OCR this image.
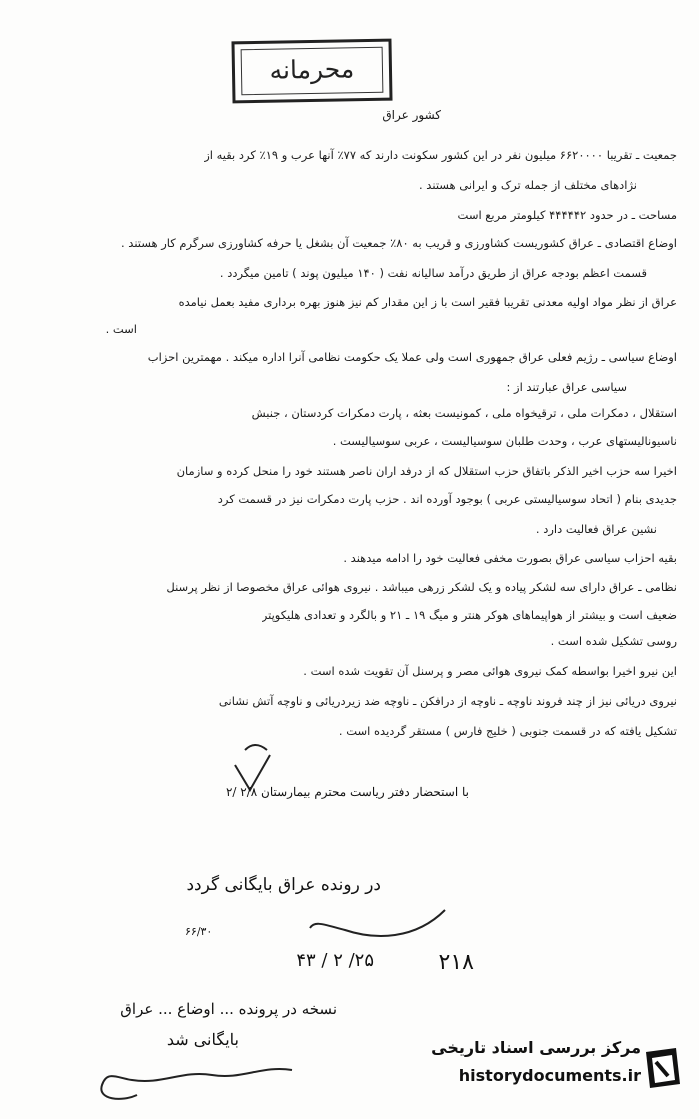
محرمانه
کشور عراق
جمعیت ـ تقریبا ۶۶۲۰۰۰۰ میلیون نفر در این کشور سکونت دارند که ۷۷٪ آنها عرب و ۱۹٪ کرد بقیه از
نژادهای مختلف از جمله ترک و ایرانی هستند .
مساحت ـ در حدود ۴۴۴۴۴۲ کیلومتر مربع است
اوضاع اقتصادی ـ عراق کشوریست کشاورزی و قریب به ۸۰٪ جمعیت آن بشغل یا حرفه کشاورزی سرگرم کار هستند .
قسمت اعظم بودجه عراق از طریق درآمد سالیانه نفت ( ۱۴۰ میلیون پوند ) تامین میگردد .
عراق از نظر مواد اولیه معدنی تقریبا فقیر است با ز این مقدار کم نیز هنوز بهره برداری مفید بعمل نیامده
است .
اوضاع سیاسی ـ رژیم فعلی عراق جمهوری است ولی عملا یک حکومت نظامی آنرا اداره میکند . مهمترین احزاب
سیاسی عراق عبارتند از :
استقلال ، دمکرات ملی ، ترقیخواه ملی ، کمونیست بعثه ، پارت دمکرات کردستان ، جنبش
ناسیونالیستهای عرب ، وحدت طلبان سوسیالیست ، عربی سوسیالیست .
اخیرا سه حزب اخیر الذکر باتفاق حزب استقلال که از درفد اران ناصر هستند خود را منحل کرده و سازمان
جدیدی بنام ( اتحاد سوسیالیستی عربی ) بوجود آورده اند . حزب پارت دمکرات نیز در قسمت کرد
نشین عراق فعالیت دارد .
بقیه احزاب سیاسی عراق بصورت مخفی فعالیت خود را ادامه میدهند .
نظامی ـ عراق دارای سه لشکر پیاده و یک لشکر زرهی میباشد . نیروی هوائی عراق مخصوصا از نظر پرسنل
ضعیف است و بیشتر از هواپیماهای هوکر هنتر و میگ ۱۹ ـ ۲۱ و بالگرد و تعدادی هلیکوپتر
روسی تشکیل شده است .
این نیرو اخیرا بواسطه کمک نیروی هوائی مصر و پرسنل آن تقویت شده است .
نیروی دریائی نیز از چند فروند ناوچه ـ ناوچه از درافکن ـ ناوچه ضد زیردریائی و ناوچه آتش نشانی
تشکیل یافته که در قسمت جنوبی ( خلیج فارس ) مستقر گردیده است .
با استحضار دفتر ریاست محترم بیمارستان ۲/۸ /۲
در رونده عراق بایگانی گردد
۲۵/ ۲ / ۴۳	۲۱۸
۶۶/۳۰
نسخه در پرونده ... اوضاع ... عراق
بایگانی شد	مرکز بررسی اسناد تاریخی
historydocuments.ir
